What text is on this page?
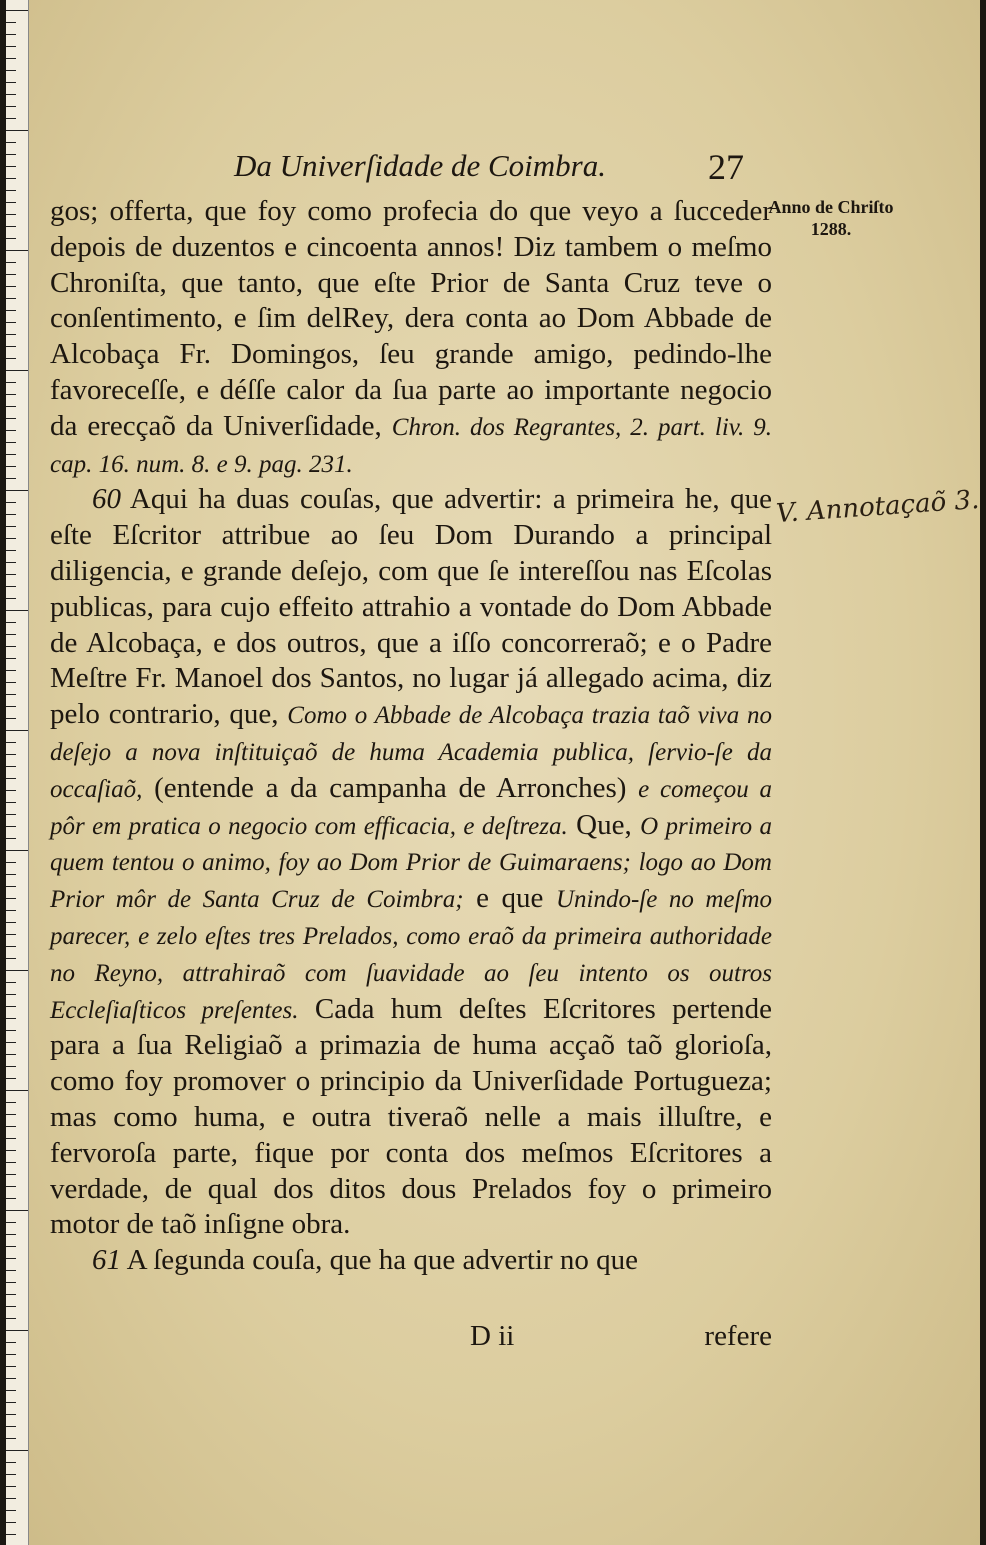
Da Univerſidade de Coimbra.	27
Anno de Chriſto
1288.
V. Annotaçaõ 3.

gos; offerta, que foy como profecia do que veyo a ſucceder depois de duzentos e cincoenta annos! Diz tambem o meſmo Chroniſta, que tanto, que eſte Prior de Santa Cruz teve o conſentimento, e ſim delRey, dera conta ao Dom Abbade de Alcobaça Fr. Domingos, ſeu grande amigo, pedindo-lhe favoreceſſe, e déſſe calor da ſua parte ao importante negocio da erecçaõ da Univerſidade, Chron. dos Regrantes, 2. part. liv. 9. cap. 16. num. 8. e 9. pag. 231.

60 Aqui ha duas couſas, que advertir: a primeira he, que eſte Eſcritor attribue ao ſeu Dom Durando a principal diligencia, e grande deſejo, com que ſe intereſſou nas Eſcolas publicas, para cujo effeito attrahio a vontade do Dom Abbade de Alcobaça, e dos outros, que a iſſo concorreraõ; e o Padre Meſtre Fr. Manoel dos Santos, no lugar já allegado acima, diz pelo contrario, que, Como o Abbade de Alcobaça trazia taõ viva no deſejo a nova inſtituiçaõ de huma Academia publica, ſervio-ſe da occaſiaõ, (entende a da campanha de Arronches) e começou a pôr em pratica o negocio com efficacia, e deſtreza. Que, O primeiro a quem tentou o animo, foy ao Dom Prior de Guimaraens; logo ao Dom Prior môr de Santa Cruz de Coimbra; e que Unindo-ſe no meſmo parecer, e zelo eſtes tres Prelados, como eraõ da primeira authoridade no Reyno, attrahiraõ com ſuavidade ao ſeu intento os outros Eccleſiaſticos preſentes. Cada hum deſtes Eſcritores pertende para a ſua Religiaõ a primazia de huma acçaõ taõ glorioſa, como foy promover o principio da Univerſidade Portugueza; mas como huma, e outra tiveraõ nelle a mais illuſtre, e fervoroſa parte, fique por conta dos meſmos Eſcritores a verdade, de qual dos ditos dous Prelados foy o primeiro motor de taõ inſigne obra.

61 A ſegunda couſa, que ha que advertir no que

D ii	refere
